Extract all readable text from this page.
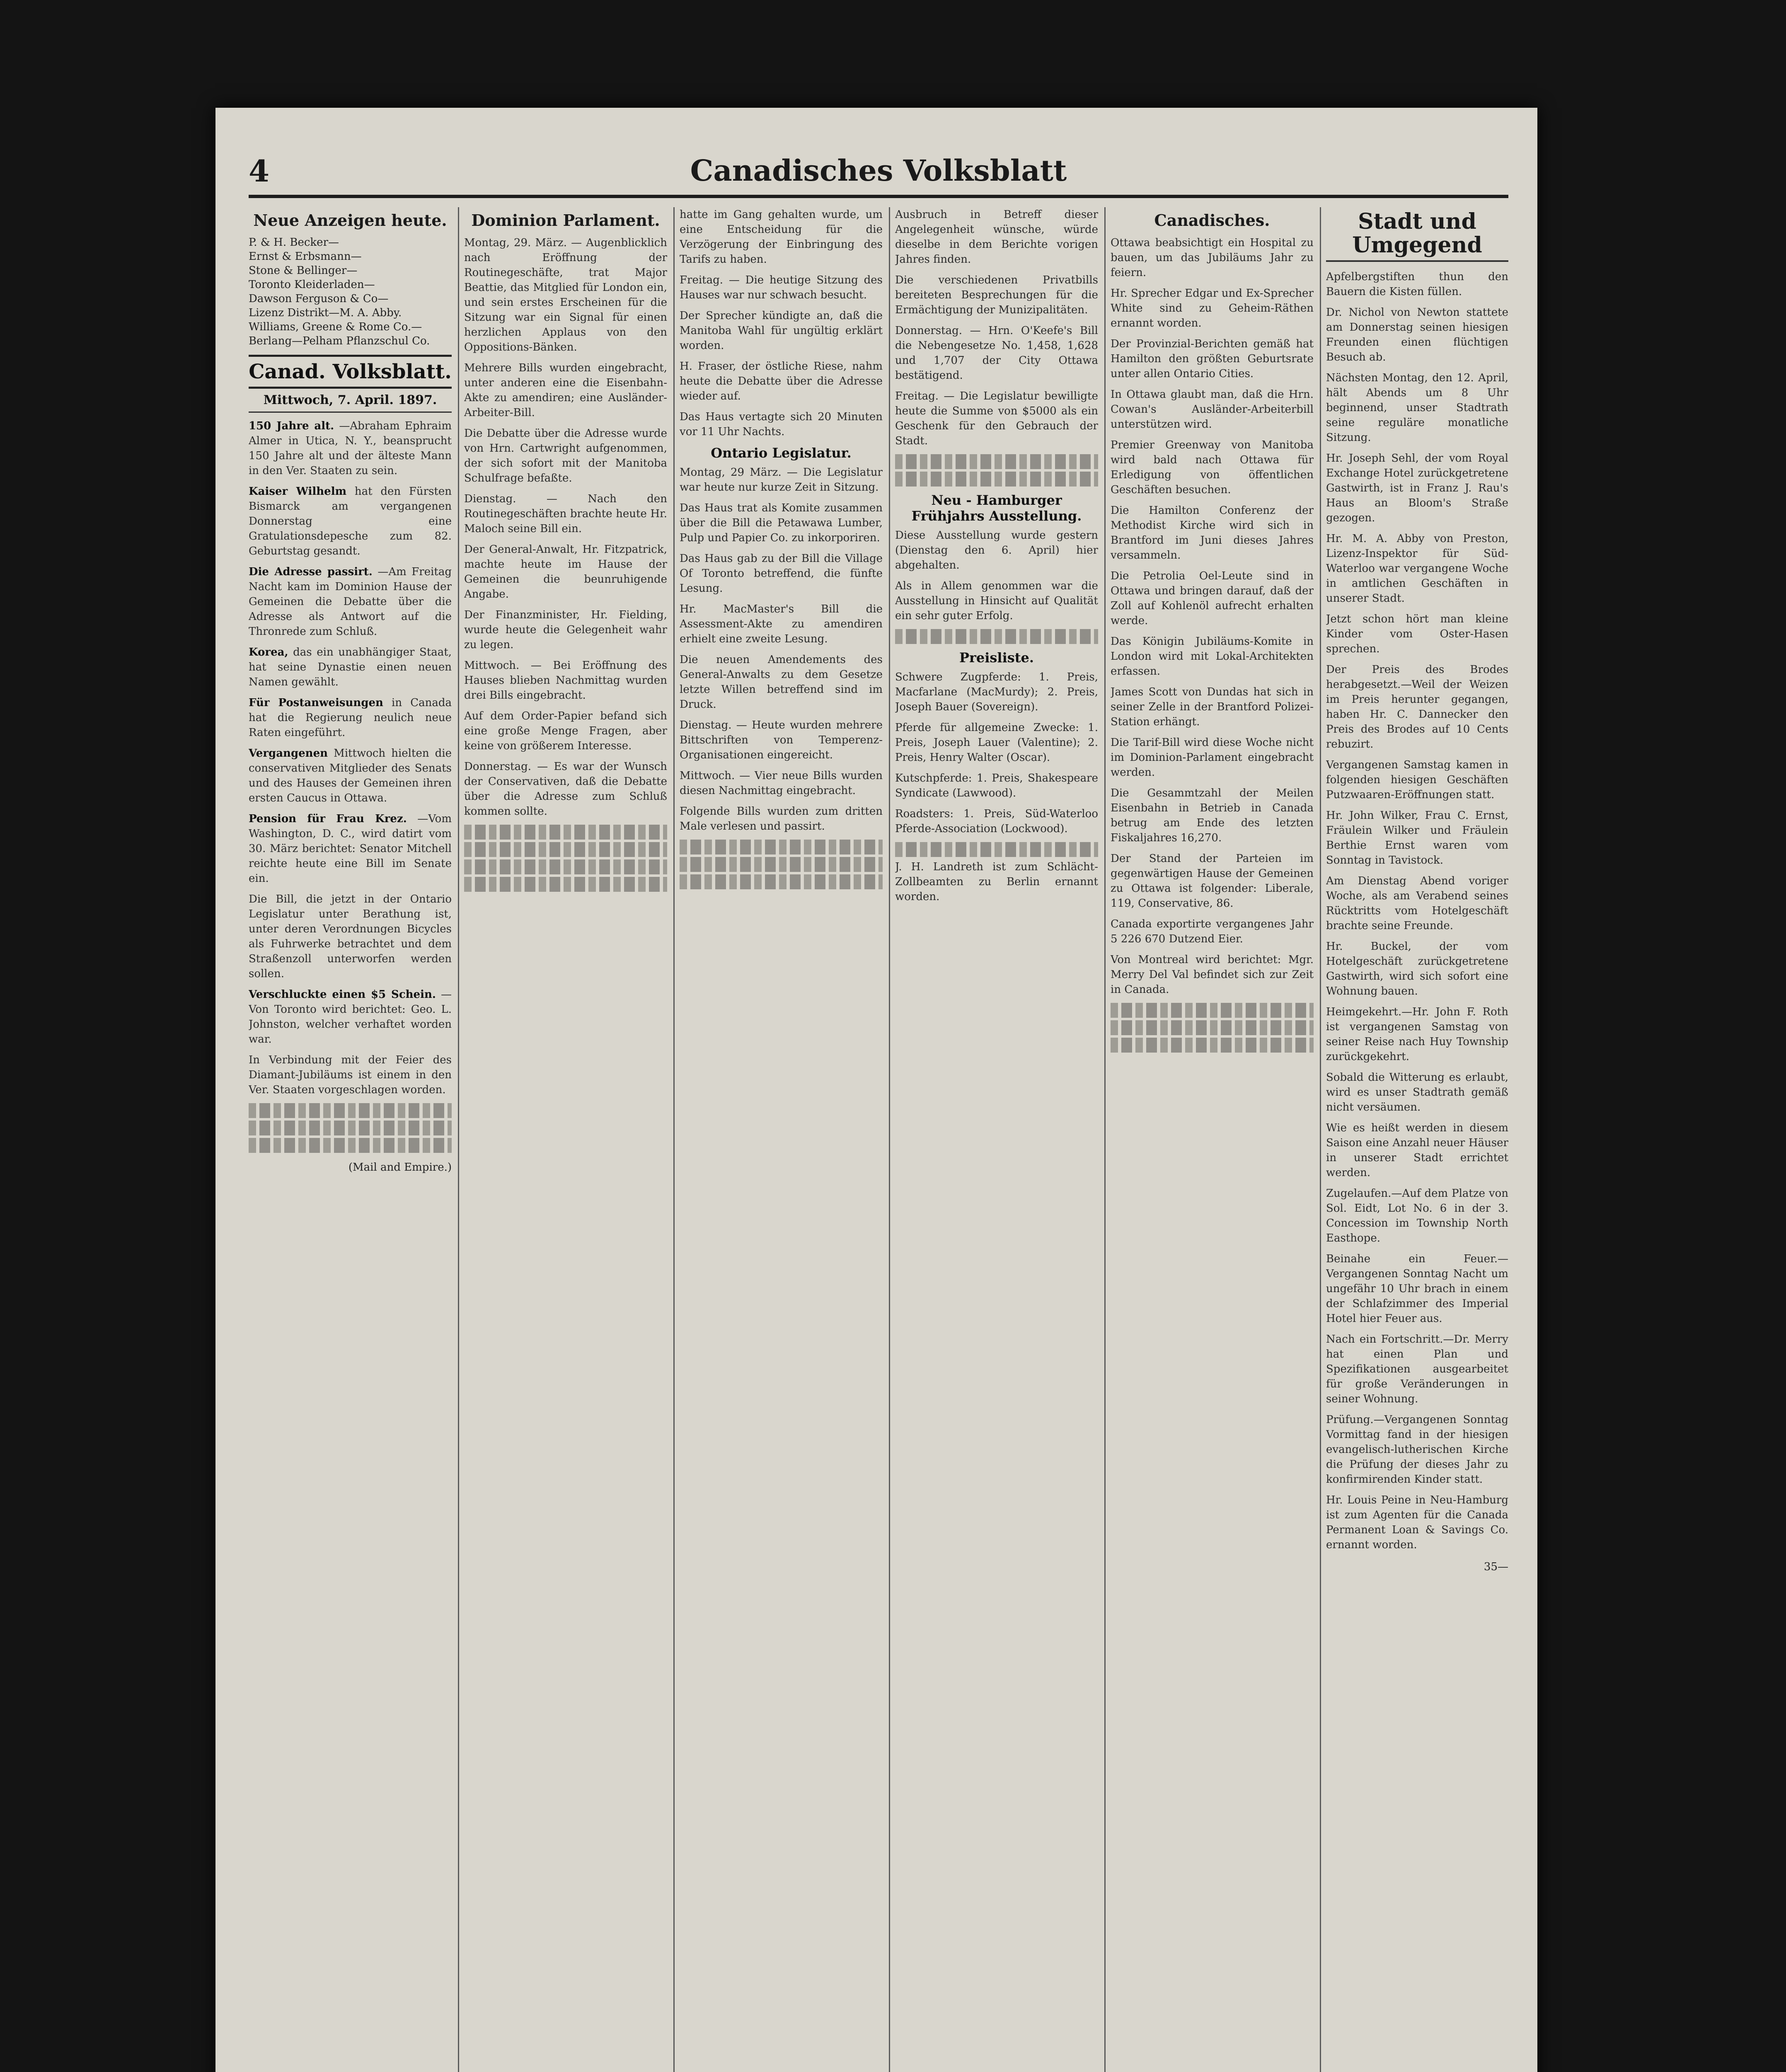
4	Canadisches Volksblatt
Neue Anzeigen heute.
P. & H. Becker—
Ernst & Erbsmann—
Stone & Bellinger—
Toronto Kleiderladen—
Dawson Ferguson & Co—
Lizenz Distrikt—M. A. Abby.
Williams, Greene & Rome Co.—
Berlang—Pelham Pflanzschul Co.
Canad. Volksblatt.
Mittwoch, 7. April. 1897.

150 Jahre alt. —Abraham Ephraim Almer in Utica, N. Y., beansprucht 150 Jahre alt und der älteste Mann in den Ver. Staaten zu sein.

Kaiser Wilhelm hat den Fürsten Bismarck am vergangenen Donnerstag eine Gratulationsdepesche zum 82. Geburtstag gesandt.

Die Adresse passirt. —Am Freitag Nacht kam im Dominion Hause der Gemeinen die Debatte über die Adresse als Antwort auf die Thronrede zum Schluß.

Korea, das ein unabhängiger Staat, hat seine Dynastie einen neuen Namen gewählt.

Für Postanweisungen in Canada hat die Regierung neulich neue Raten eingeführt.

Vergangenen Mittwoch hielten die conservativen Mitglieder des Senats und des Hauses der Gemeinen ihren ersten Caucus in Ottawa.

Pension für Frau Krez. —Vom Washington, D. C., wird datirt vom 30. März berichtet: Senator Mitchell reichte heute eine Bill im Senate ein.

Die Bill, die jetzt in der Ontario Legislatur unter Berathung ist, unter deren Verordnungen Bicycles als Fuhrwerke betrachtet und dem Straßenzoll unterworfen werden sollen.

Verschluckte einen $5 Schein. —Von Toronto wird berichtet: Geo. L. Johnston, welcher verhaftet worden war.

In Verbindung mit der Feier des Diamant-Jubiläums ist einem in den Ver. Staaten vorgeschlagen worden.

(Mail and Empire.)
Dominion Parlament.

Montag, 29. März. — Augenblicklich nach Eröffnung der Routinegeschäfte, trat Major Beattie, das Mitglied für London ein, und sein erstes Erscheinen für die Sitzung war ein Signal für einen herzlichen Applaus von den Oppositions-Bänken.

Mehrere Bills wurden eingebracht, unter anderen eine die Eisenbahn-Akte zu amendiren; eine Ausländer-Arbeiter-Bill.

Die Debatte über die Adresse wurde von Hrn. Cartwright aufgenommen, der sich sofort mit der Manitoba Schulfrage befaßte.

Dienstag. — Nach den Routinegeschäften brachte heute Hr. Maloch seine Bill ein.

Der General-Anwalt, Hr. Fitzpatrick, machte heute im Hause der Gemeinen die beunruhigende Angabe.

Der Finanzminister, Hr. Fielding, wurde heute die Gelegenheit wahr zu legen.

Mittwoch. — Bei Eröffnung des Hauses blieben Nachmittag wurden drei Bills eingebracht.

Auf dem Order-Papier befand sich eine große Menge Fragen, aber keine von größerem Interesse.

Donnerstag. — Es war der Wunsch der Conservativen, daß die Debatte über die Adresse zum Schluß kommen sollte.

hatte im Gang gehalten wurde, um eine Entscheidung für die Verzögerung der Einbringung des Tarifs zu haben.

Freitag. — Die heutige Sitzung des Hauses war nur schwach besucht.

Der Sprecher kündigte an, daß die Manitoba Wahl für ungültig erklärt worden.

H. Fraser, der östliche Riese, nahm heute die Debatte über die Adresse wieder auf.

Das Haus vertagte sich 20 Minuten vor 11 Uhr Nachts.

Ontario Legislatur.

Montag, 29 März. — Die Legislatur war heute nur kurze Zeit in Sitzung.

Das Haus trat als Komite zusammen über die Bill die Petawawa Lumber, Pulp und Papier Co. zu inkorporiren.

Das Haus gab zu der Bill die Village Of Toronto betreffend, die fünfte Lesung.

Hr. MacMaster's Bill die Assessment-Akte zu amendiren erhielt eine zweite Lesung.

Die neuen Amendements des General-Anwalts zu dem Gesetze letzte Willen betreffend sind im Druck.

Dienstag. — Heute wurden mehrere Bittschriften von Temperenz-Organisationen eingereicht.

Mittwoch. — Vier neue Bills wurden diesen Nachmittag eingebracht.

Folgende Bills wurden zum dritten Male verlesen und passirt.

Ausbruch in Betreff dieser Angelegenheit wünsche, würde dieselbe in dem Berichte vorigen Jahres finden.

Die verschiedenen Privatbills bereiteten Besprechungen für die Ermächtigung der Munizipalitäten.

Donnerstag. — Hrn. O'Keefe's Bill die Nebengesetze No. 1,458, 1,628 und 1,707 der City Ottawa bestätigend.

Freitag. — Die Legislatur bewilligte heute die Summe von $5000 als ein Geschenk für den Gebrauch der Stadt.

Neu - Hamburger Frühjahrs Ausstellung.

Diese Ausstellung wurde gestern (Dienstag den 6. April) hier abgehalten.

Als in Allem genommen war die Ausstellung in Hinsicht auf Qualität ein sehr guter Erfolg.

Preisliste.

Schwere Zugpferde: 1. Preis, Macfarlane (MacMurdy); 2. Preis, Joseph Bauer (Sovereign).

Pferde für allgemeine Zwecke: 1. Preis, Joseph Lauer (Valentine); 2. Preis, Henry Walter (Oscar).

Kutschpferde: 1. Preis, Shakespeare Syndicate (Lawwood).

Roadsters: 1. Preis, Süd-Waterloo Pferde-Association (Lockwood).

J. H. Landreth ist zum Schlächt-Zollbeamten zu Berlin ernannt worden.

Canadisches.

Ottawa beabsichtigt ein Hospital zu bauen, um das Jubiläums Jahr zu feiern.

Hr. Sprecher Edgar und Ex-Sprecher White sind zu Geheim-Räthen ernannt worden.

Der Provinzial-Berichten gemäß hat Hamilton den größten Geburtsrate unter allen Ontario Cities.

In Ottawa glaubt man, daß die Hrn. Cowan's Ausländer-Arbeiterbill unterstützen wird.

Premier Greenway von Manitoba wird bald nach Ottawa für Erledigung von öffentlichen Geschäften besuchen.

Die Hamilton Conferenz der Methodist Kirche wird sich in Brantford im Juni dieses Jahres versammeln.

Die Petrolia Oel-Leute sind in Ottawa und bringen darauf, daß der Zoll auf Kohlenöl aufrecht erhalten werde.

Das Königin Jubiläums-Komite in London wird mit Lokal-Architekten erfassen.

James Scott von Dundas hat sich in seiner Zelle in der Brantford Polizei-Station erhängt.

Die Tarif-Bill wird diese Woche nicht im Dominion-Parlament eingebracht werden.

Die Gesammtzahl der Meilen Eisenbahn in Betrieb in Canada betrug am Ende des letzten Fiskaljahres 16,270.

Der Stand der Parteien im gegenwärtigen Hause der Gemeinen zu Ottawa ist folgender: Liberale, 119, Conservative, 86.

Canada exportirte vergangenes Jahr 5 226 670 Dutzend Eier.

Von Montreal wird berichtet: Mgr. Merry Del Val befindet sich zur Zeit in Canada.

Stadt und Umgegend

Apfelbergstiften thun den Bauern die Kisten füllen.

Dr. Nichol von Newton stattete am Donnerstag seinen hiesigen Freunden einen flüchtigen Besuch ab.

Nächsten Montag, den 12. April, hält Abends um 8 Uhr beginnend, unser Stadtrath seine reguläre monatliche Sitzung.

Hr. Joseph Sehl, der vom Royal Exchange Hotel zurückgetretene Gastwirth, ist in Franz J. Rau's Haus an Bloom's Straße gezogen.

Hr. M. A. Abby von Preston, Lizenz-Inspektor für Süd-Waterloo war vergangene Woche in amtlichen Geschäften in unserer Stadt.

Jetzt schon hört man kleine Kinder vom Oster-Hasen sprechen.

Der Preis des Brodes herabgesetzt.—Weil der Weizen im Preis herunter gegangen, haben Hr. C. Dannecker den Preis des Brodes auf 10 Cents rebuzirt.

Vergangenen Samstag kamen in folgenden hiesigen Geschäften Putzwaaren-Eröffnungen statt.

Hr. John Wilker, Frau C. Ernst, Fräulein Wilker und Fräulein Berthie Ernst waren vom Sonntag in Tavistock.

Am Dienstag Abend voriger Woche, als am Verabend seines Rücktritts vom Hotelgeschäft brachte seine Freunde.

Hr. Buckel, der vom Hotelgeschäft zurückgetretene Gastwirth, wird sich sofort eine Wohnung bauen.

Heimgekehrt.—Hr. John F. Roth ist vergangenen Samstag von seiner Reise nach Huy Township zurückgekehrt.

Sobald die Witterung es erlaubt, wird es unser Stadtrath gemäß nicht versäumen.

Wie es heißt werden in diesem Saison eine Anzahl neuer Häuser in unserer Stadt errichtet werden.

Zugelaufen.—Auf dem Platze von Sol. Eidt, Lot No. 6 in der 3. Concession im Township North Easthope.

Beinahe ein Feuer.—Vergangenen Sonntag Nacht um ungefähr 10 Uhr brach in einem der Schlafzimmer des Imperial Hotel hier Feuer aus.

Nach ein Fortschritt.—Dr. Merry hat einen Plan und Spezifikationen ausgearbeitet für große Veränderungen in seiner Wohnung.

Prüfung.—Vergangenen Sonntag Vormittag fand in der hiesigen evangelisch-lutherischen Kirche die Prüfung der dieses Jahr zu konfirmirenden Kinder statt.

Hr. Louis Peine in Neu-Hamburg ist zum Agenten für die Canada Permanent Loan & Savings Co. ernannt worden.

35—
